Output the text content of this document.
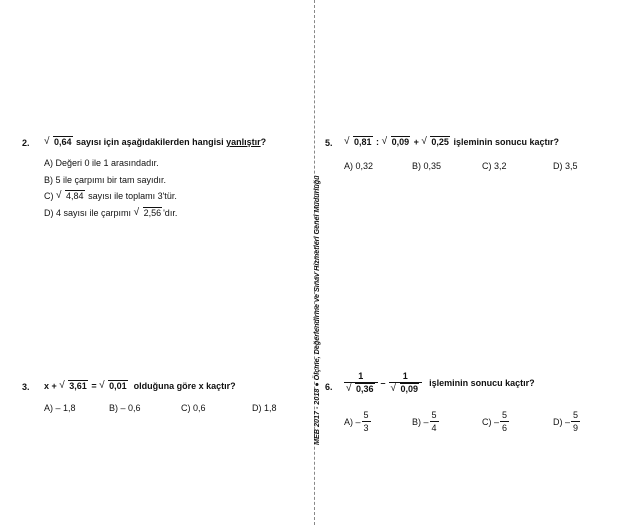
MEB 2017 - 2018 ● Ölçme, Değerlendirme ve Sınav Hizmetleri Genel Müdürlüğü
2. √ 0,64 sayısı için aşağıdakilerden hangisi yanlıştır?
A) Değeri 0 ile 1 arasındadır.
B) 5 ile çarpımı bir tam sayıdır.
C) √ 4,84 sayısı ile toplamı 3'tür.
D) 4 sayısı ile çarpımı √ 2,56 'dır.
3. x + √ 3,61 = √ 0,01 olduğuna göre x kaçtır?
A) – 1,8	B) – 0,6	C) 0,6	D) 1,8
5. √ 0,81 : √ 0,09 + √ 0,25 işleminin sonucu kaçtır?
A) 0,32	B) 0,35	C) 3,2	D) 3,5
6. $\frac{1}{√ 0,36} - \frac{1}{√ 0,09}$ işleminin sonucu kaçtır?
A)
– $\frac{5}{3}$	B)
– $\frac{5}{4}$	C)
– $\frac{5}{6}$	D)
– $\frac{5}{9}$
